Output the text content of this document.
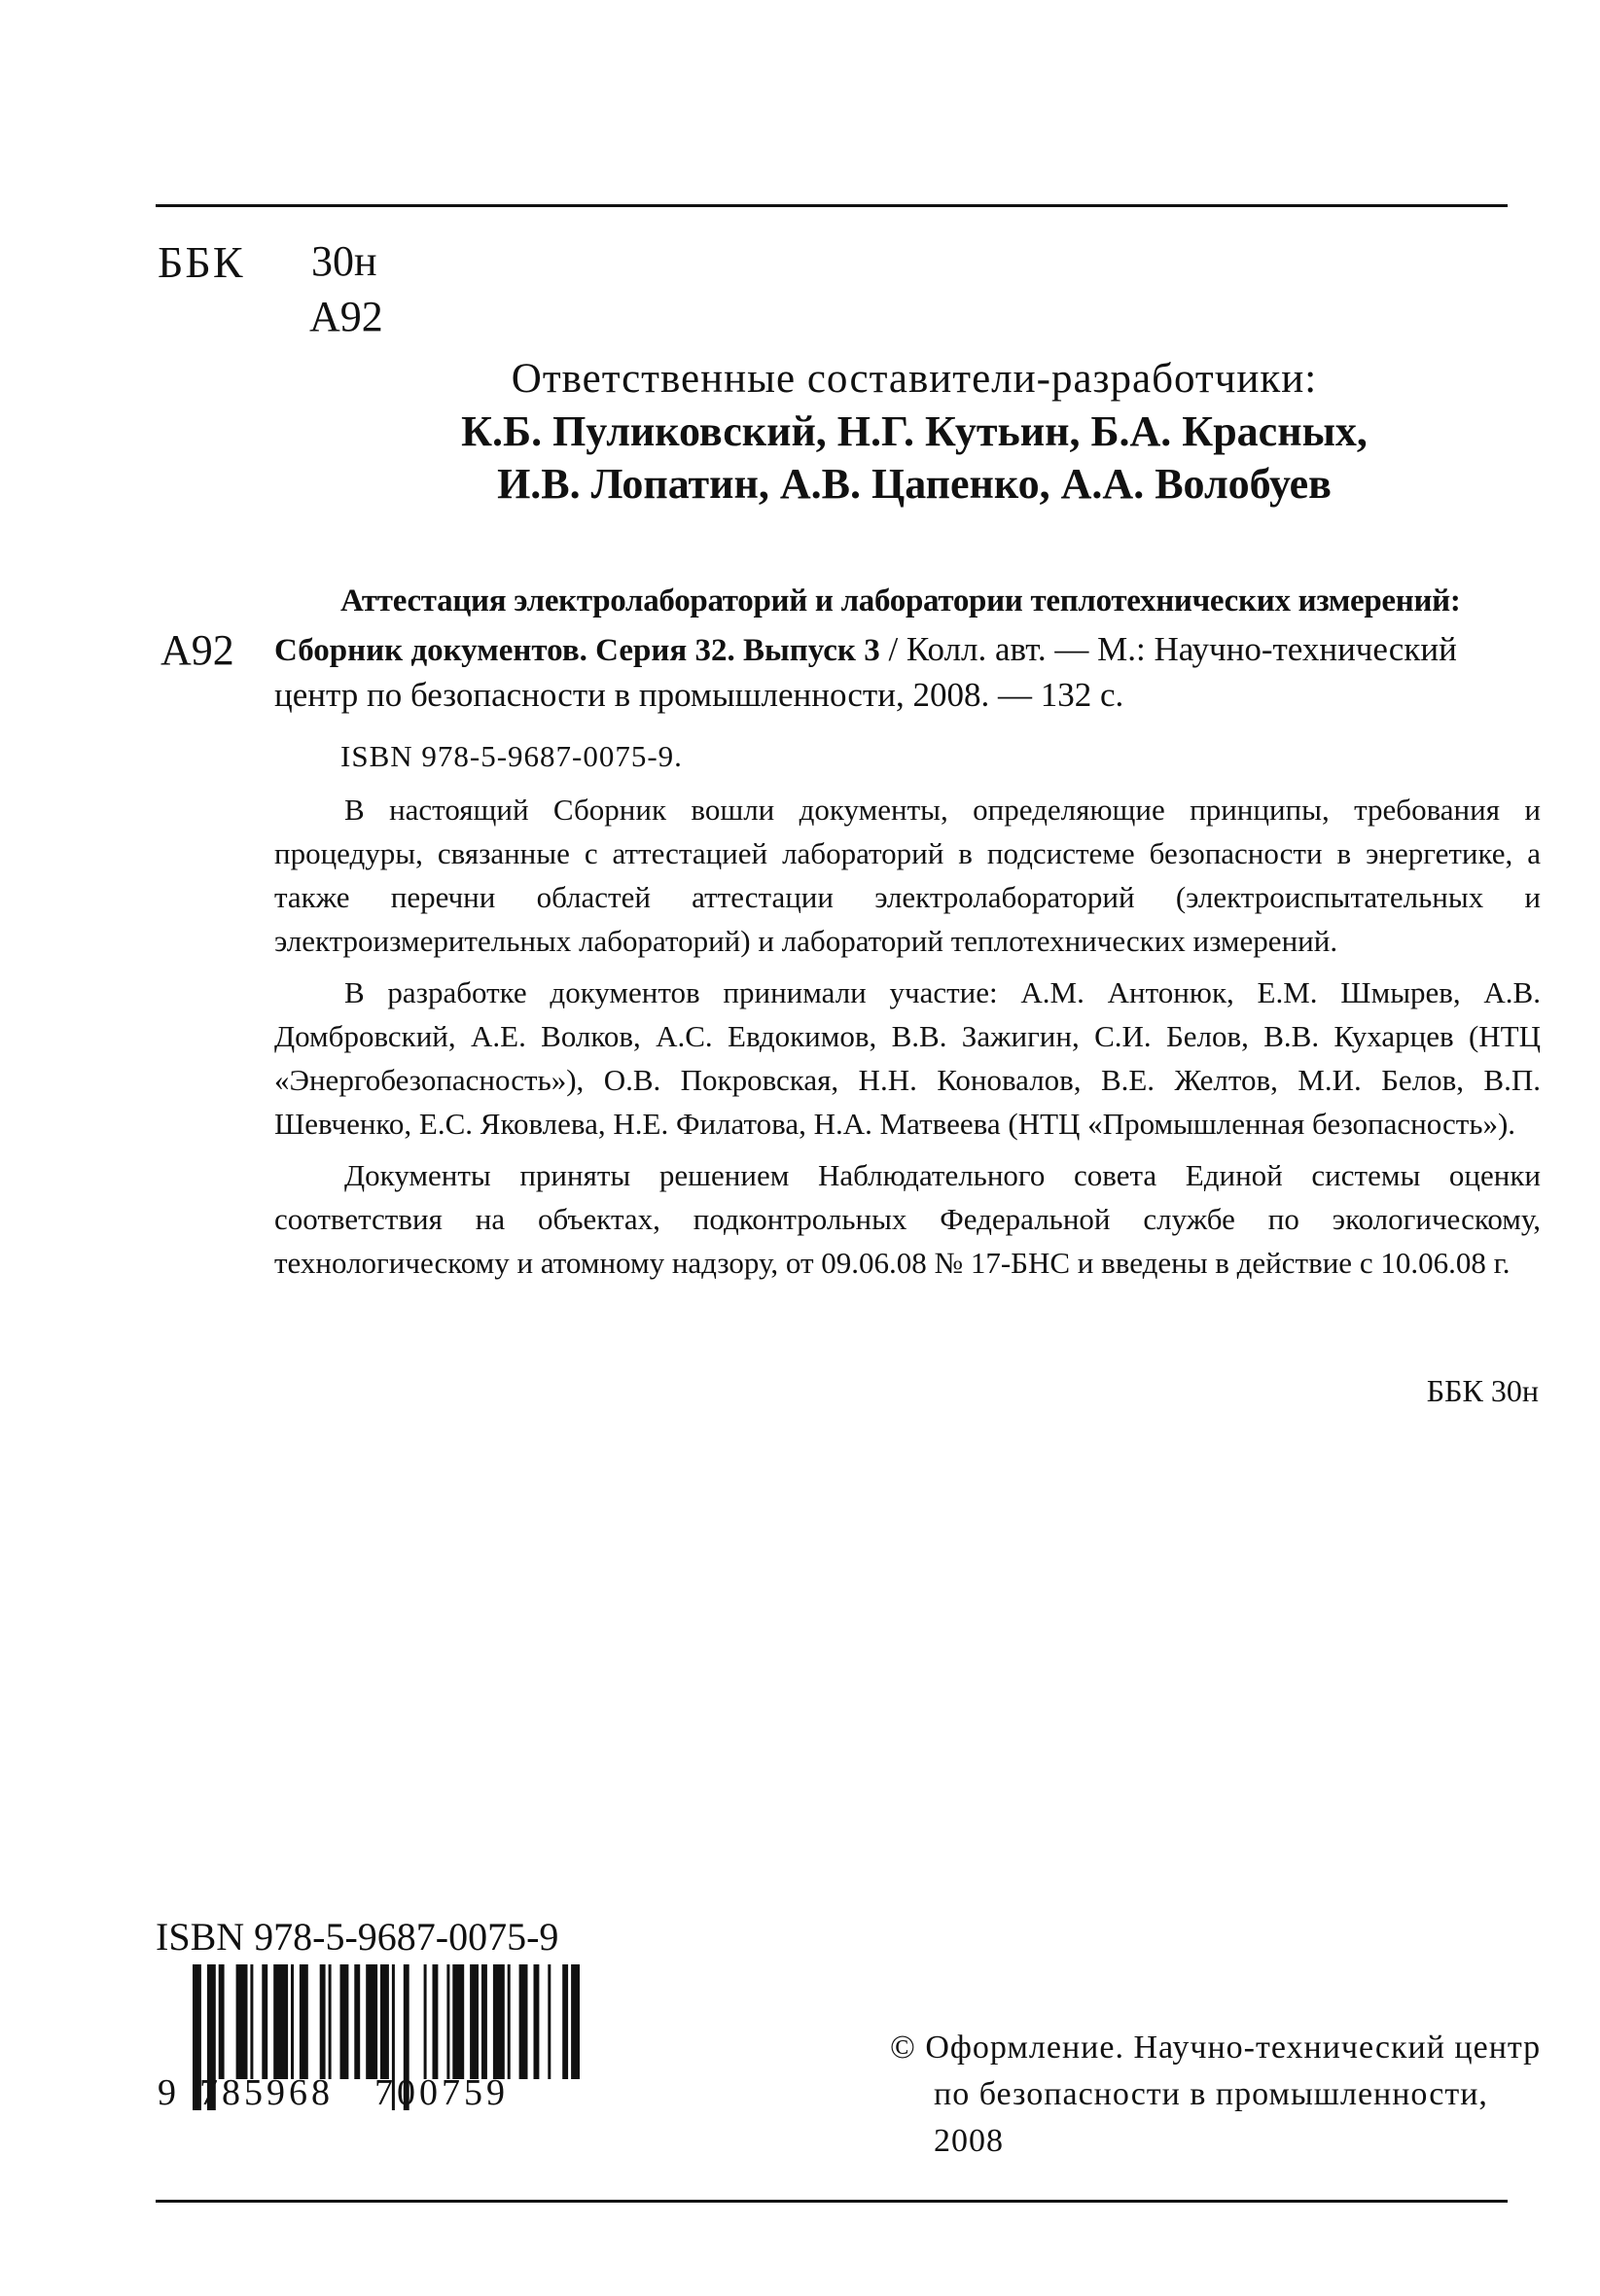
ББК 30н
А92
Ответственные составители-разработчики:
К.Б. Пуликовский, Н.Г. Кутьин, Б.А. Красных,
И.В. Лопатин, А.В. Цапенко, А.А. Волобуев
А92
Аттестация электролабораторий и лаборатории теплотехнических измерений:
Сборник документов. Серия 32. Выпуск 3 / Колл. авт. — М.: Научно-технический
центр по безопасности в промышленности, 2008. — 132 с.
ISBN 978-5-9687-0075-9.

В настоящий Сборник вошли документы, определяющие принципы, требования и процедуры, связанные с аттестацией лабораторий в подсистеме безопасности в энергетике, а также перечни областей аттестации электролабораторий (электроиспытательных и электроизмерительных лабораторий) и лабораторий теплотехнических измерений.

В разработке документов принимали участие: А.М. Антонюк, Е.М. Шмырев, А.В. Домбровский, А.Е. Волков, А.С. Евдокимов, В.В. Зажигин, С.И. Белов, В.В. Кухарцев (НТЦ «Энергобезопасность»), О.В. Покровская, Н.Н. Коновалов, В.Е. Желтов, М.И. Белов, В.П. Шевченко, Е.С. Яковлева, Н.Е. Филатова, Н.А. Матвеева (НТЦ «Промышленная безопасность»).

Документы приняты решением Наблюдательного совета Единой системы оценки соответствия на объектах, подконтрольных Федеральной службе по экологическому, технологическому и атомному надзору, от 09.06.08 № 17-БНС и введены в действие с 10.06.08 г.

ББК 30н
ISBN 978-5-9687-0075-9
9 785968 700759
© Оформление. Научно-технический центр
по безопасности в промышленности,
2008
